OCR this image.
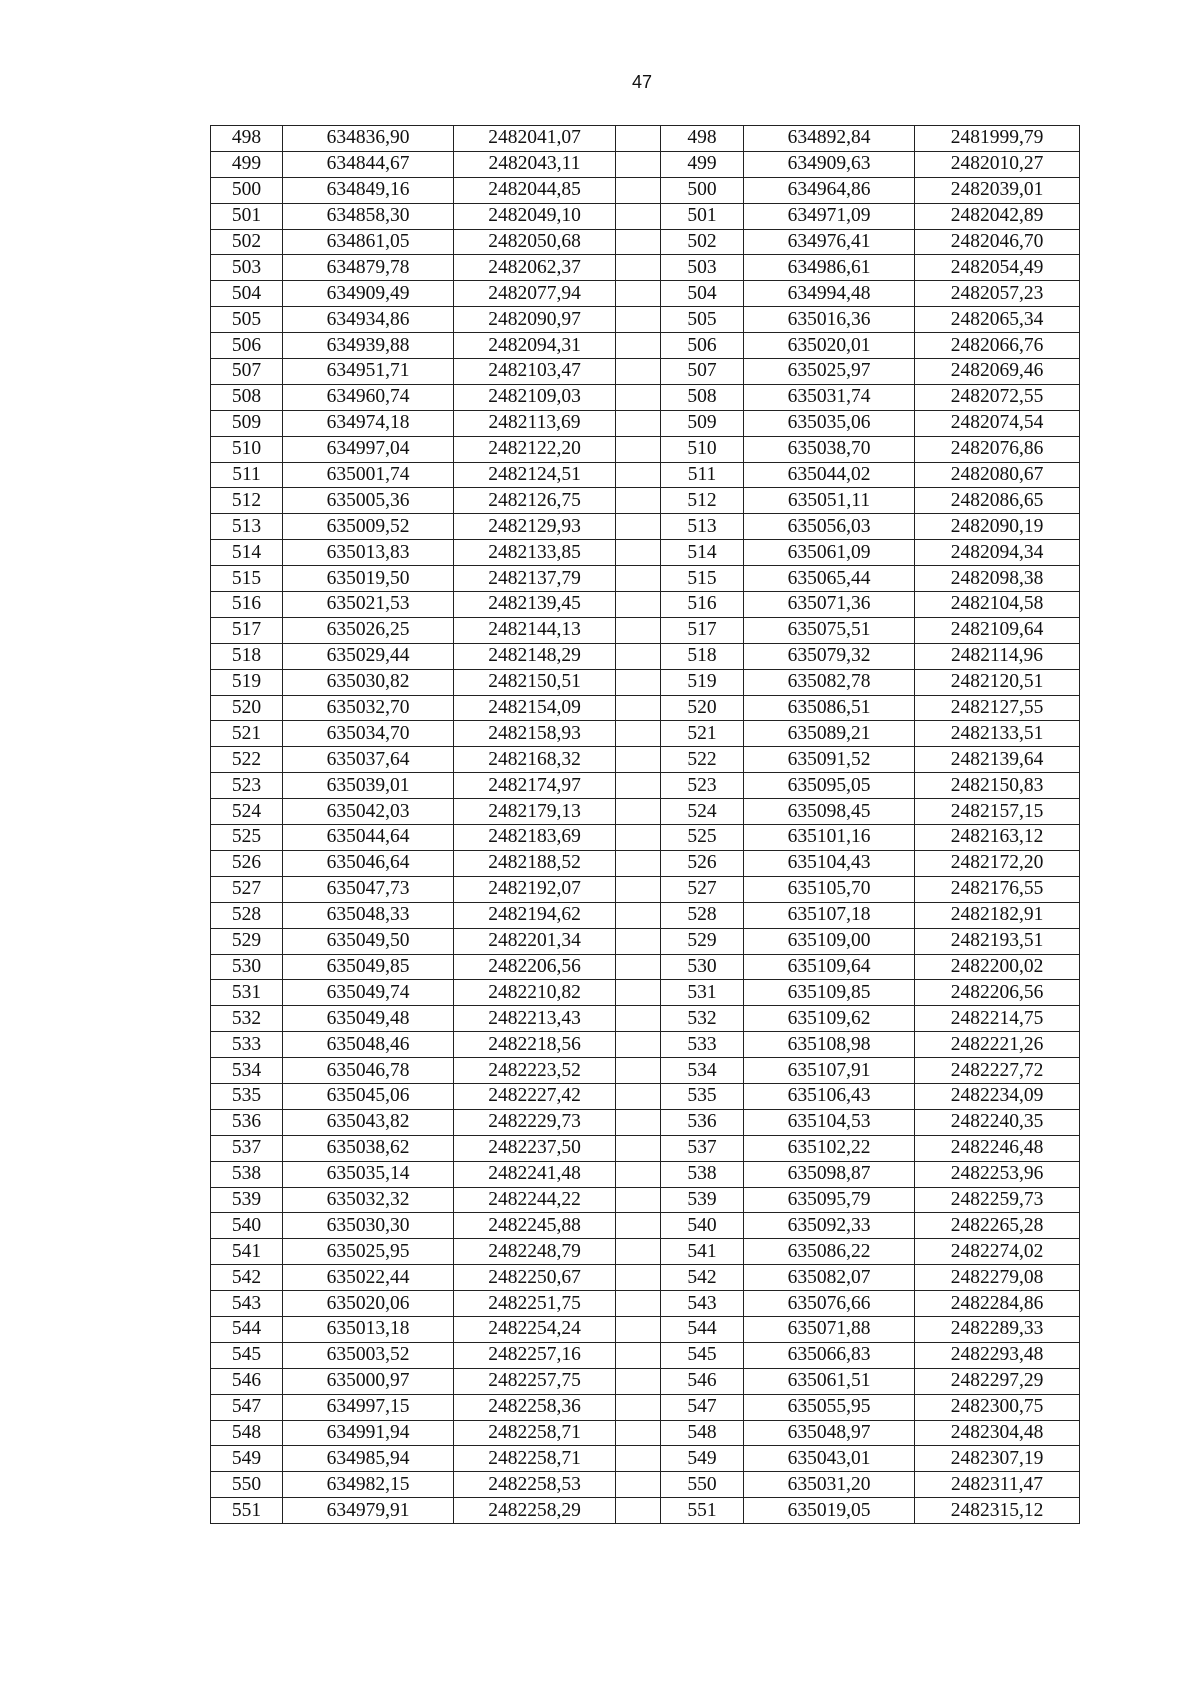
47
498	634836,90	2482041,07		498	634892,84	2481999,79
499	634844,67	2482043,11		499	634909,63	2482010,27
500	634849,16	2482044,85		500	634964,86	2482039,01
501	634858,30	2482049,10		501	634971,09	2482042,89
502	634861,05	2482050,68		502	634976,41	2482046,70
503	634879,78	2482062,37		503	634986,61	2482054,49
504	634909,49	2482077,94		504	634994,48	2482057,23
505	634934,86	2482090,97		505	635016,36	2482065,34
506	634939,88	2482094,31		506	635020,01	2482066,76
507	634951,71	2482103,47		507	635025,97	2482069,46
508	634960,74	2482109,03		508	635031,74	2482072,55
509	634974,18	2482113,69		509	635035,06	2482074,54
510	634997,04	2482122,20		510	635038,70	2482076,86
511	635001,74	2482124,51		511	635044,02	2482080,67
512	635005,36	2482126,75		512	635051,11	2482086,65
513	635009,52	2482129,93		513	635056,03	2482090,19
514	635013,83	2482133,85		514	635061,09	2482094,34
515	635019,50	2482137,79		515	635065,44	2482098,38
516	635021,53	2482139,45		516	635071,36	2482104,58
517	635026,25	2482144,13		517	635075,51	2482109,64
518	635029,44	2482148,29		518	635079,32	2482114,96
519	635030,82	2482150,51		519	635082,78	2482120,51
520	635032,70	2482154,09		520	635086,51	2482127,55
521	635034,70	2482158,93		521	635089,21	2482133,51
522	635037,64	2482168,32		522	635091,52	2482139,64
523	635039,01	2482174,97		523	635095,05	2482150,83
524	635042,03	2482179,13		524	635098,45	2482157,15
525	635044,64	2482183,69		525	635101,16	2482163,12
526	635046,64	2482188,52		526	635104,43	2482172,20
527	635047,73	2482192,07		527	635105,70	2482176,55
528	635048,33	2482194,62		528	635107,18	2482182,91
529	635049,50	2482201,34		529	635109,00	2482193,51
530	635049,85	2482206,56		530	635109,64	2482200,02
531	635049,74	2482210,82		531	635109,85	2482206,56
532	635049,48	2482213,43		532	635109,62	2482214,75
533	635048,46	2482218,56		533	635108,98	2482221,26
534	635046,78	2482223,52		534	635107,91	2482227,72
535	635045,06	2482227,42		535	635106,43	2482234,09
536	635043,82	2482229,73		536	635104,53	2482240,35
537	635038,62	2482237,50		537	635102,22	2482246,48
538	635035,14	2482241,48		538	635098,87	2482253,96
539	635032,32	2482244,22		539	635095,79	2482259,73
540	635030,30	2482245,88		540	635092,33	2482265,28
541	635025,95	2482248,79		541	635086,22	2482274,02
542	635022,44	2482250,67		542	635082,07	2482279,08
543	635020,06	2482251,75		543	635076,66	2482284,86
544	635013,18	2482254,24		544	635071,88	2482289,33
545	635003,52	2482257,16		545	635066,83	2482293,48
546	635000,97	2482257,75		546	635061,51	2482297,29
547	634997,15	2482258,36		547	635055,95	2482300,75
548	634991,94	2482258,71		548	635048,97	2482304,48
549	634985,94	2482258,71		549	635043,01	2482307,19
550	634982,15	2482258,53		550	635031,20	2482311,47
551	634979,91	2482258,29		551	635019,05	2482315,12
